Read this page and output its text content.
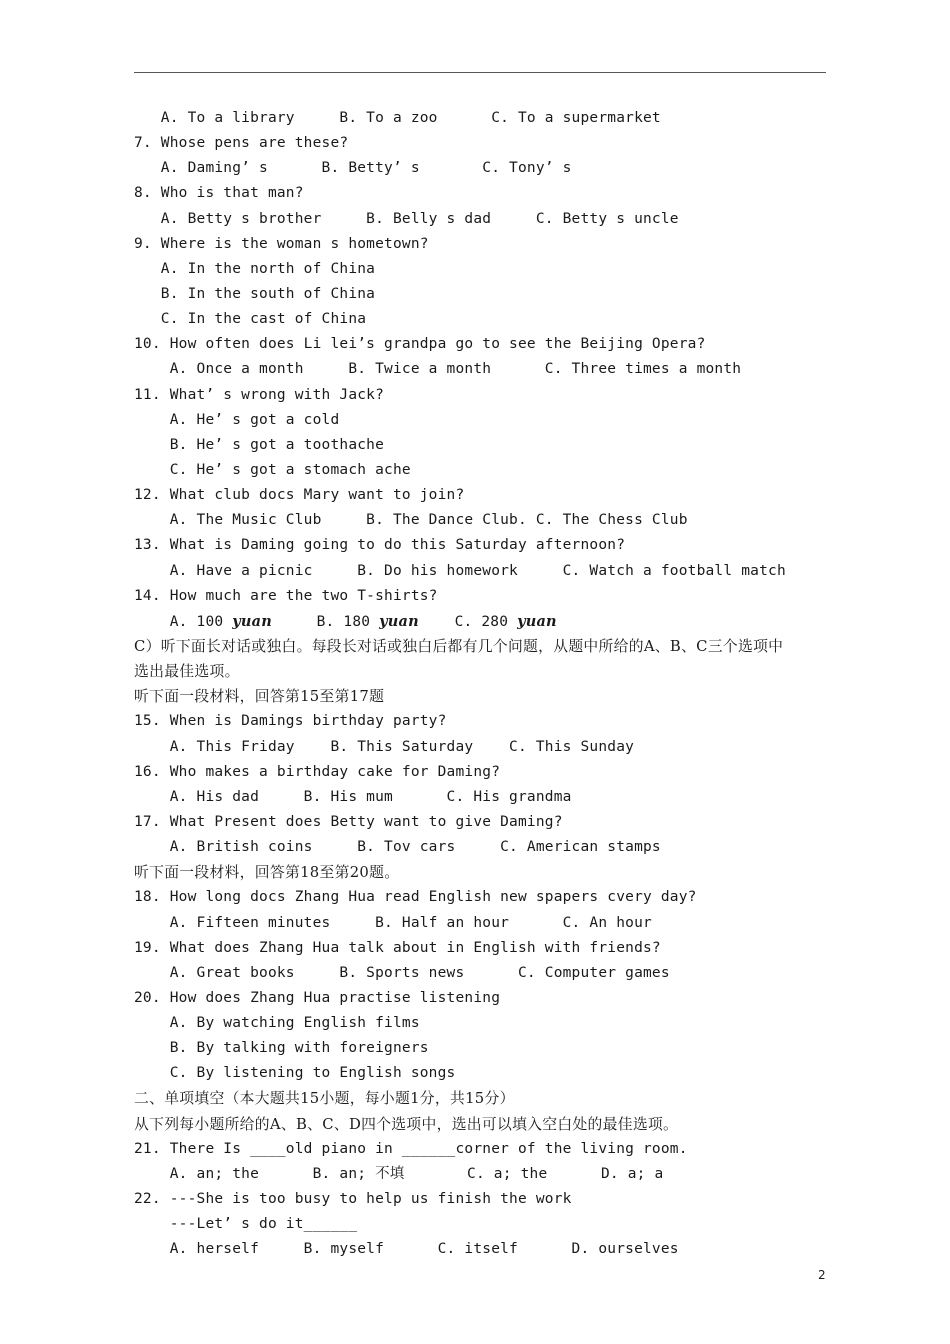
A. To a library     B. To a zoo      C. To a supermarket
7. Whose pens are these?
A. Daming’ s      B. Betty’ s       C. Tony’ s
8. Who is that man?
A. Betty s brother     B. Belly s dad     C. Betty s uncle
9. Where is the woman s hometown?
A. In the north of China
B. In the south of China
C. In the cast of China
10. How often does Li lei’s grandpa go to see the Beijing Opera?
A. Once a month     B. Twice a month      C. Three times a month
11. What’ s wrong with Jack?
A. He’ s got a cold
B. He’ s got a toothache
C. He’ s got a stomach ache
12. What club docs Mary want to join?
A. The Music Club     B. The Dance Club. C. The Chess Club
13. What is Daming going to do this Saturday afternoon?
A. Have a picnic     B. Do his homework     C. Watch a football match
14. How much are the two T-shirts?
A. 100 yuan     B. 180 yuan    C. 280 yuan
C）听下面长对话或独白。每段长对话或独白后都有几个问题，从题中所给的A、B、C三个选项中
选出最佳选项。
听下面一段材料，回答第15至第17题
15. When is Damings birthday party?
A. This Friday    B. This Saturday    C. This Sunday
16. Who makes a birthday cake for Daming?
A. His dad     B. His mum      C. His grandma
17. What Present does Betty want to give Daming?
A. British coins     B. Tov cars     C. American stamps
听下面一段材料，回答第18至第20题。
18. How long docs Zhang Hua read English new spapers cvery day?
A. Fifteen minutes     B. Half an hour      C. An hour
19. What does Zhang Hua talk about in English with friends?
A. Great books     B. Sports news      C. Computer games
20. How does Zhang Hua practise listening
A. By watching English films
B. By talking with foreigners
C. By listening to English songs
二、单项填空（本大题共15小题，每小题1分，共15分）
从下列每小题所给的A、B、C、D四个选项中，选出可以填入空白处的最佳选项。
21. There Is ____old piano in ______corner of the living room.
A. an; the      B. an; 不填       C. a; the      D. a; a
22. ---She is too busy to help us finish the work
---Let’ s do it______
A. herself     B. myself      C. itself      D. ourselves
2
